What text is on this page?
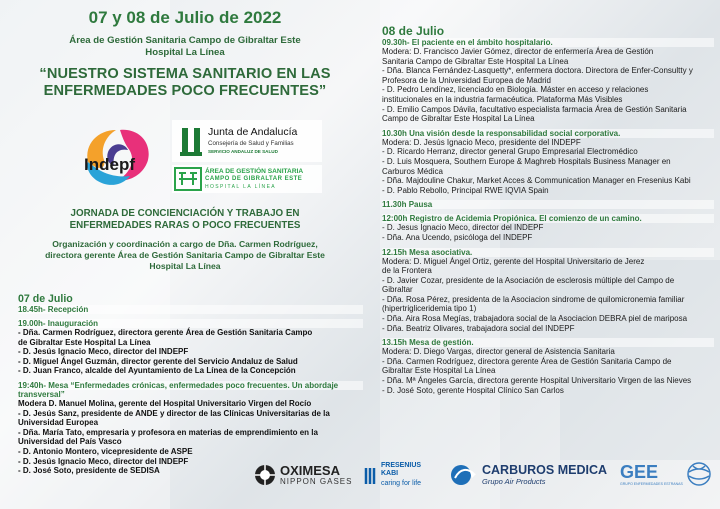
07 y 08 de Julio de 2022
Área de Gestión Sanitaria Campo de Gibraltar Este
Hospital La Línea
“NUESTRO SISTEMA SANITARIO EN LAS
ENFERMEDADES POCO FRECUENTES”
Indepf
Junta de Andalucía
Consejería de Salud y Familias
SERVICIO ANDALUZ DE SALUD
ÁREA DE GESTIÓN SANITARIA
CAMPO DE GIBRALTAR ESTE
HOSPITAL LA LÍNEA
JORNADA DE CONCIENCIACIÓN Y TRABAJO EN
ENFERMEDADES RARAS O POCO FRECUENTES
Organización y coordinación a cargo de Dña. Carmen Rodríguez,
directora gerente Área de Gestión Sanitaria Campo de Gibraltar Este
Hospital La Línea
07 de Julio
18.45h- Recepción
19.00h- Inauguración
- Dña. Carmen Rodríguez, directora gerente Área de Gestión Sanitaria Campo
de Gibraltar Este Hospital La Línea
- D. Jesús Ignacio Meco, director del INDEPF
- D. Miguel Ángel Guzmán, director gerente del Servicio Andaluz de Salud
- D. Juan Franco, alcalde del Ayuntamiento de La Línea de la Concepción
19:40h- Mesa “Enfermedades crónicas, enfermedades poco frecuentes. Un abordaje
transversal”
Modera D. Manuel Molina, gerente del Hospital Universitario Virgen del Rocío
- D. Jesús Sanz, presidente de ANDE y director de las Clínicas Universitarias de la
Universidad Europea
- Dña. María Tato, empresaria y profesora en materias de emprendimiento en la
Universidad del País Vasco
- D. Antonio Montero, vicepresidente de ASPE
- D. Jesús Ignacio Meco, director del INDEPF
- D. José Soto, presidente de SEDISA
08 de Julio
09.30h- El paciente en el ámbito hospitalario.
Modera: D. Francisco Javier Gómez, director de enfermería Área de Gestión
Sanitaria Campo de Gibraltar Este Hospital La Línea
- Dña. Blanca Fernández-Lasquetty*, enfermera doctora. Directora de Enfer-Consultty y
Profesora de la Universidad Europea de Madrid
- D. Pedro Lendínez, licenciado en Biología. Máster en acceso y relaciones
institucionales en la industria farmacéutica. Plataforma Más Visibles
- D. Emilio Campos Dávila, facultativo especialista farmacia Área de Gestión Sanitaria
Campo de Gibraltar Este Hospital La Línea
10.30h Una visión desde la responsabilidad social corporativa.
Modera: D. Jesús Ignacio Meco, presidente del INDEPF
- D. Ricardo Herranz, director general Grupo Empresarial Electromédico
- D. Luis Mosquera, Southern Europe & Maghreb Hospitals Business Manager en
Carburos Médica
- Dña. Majdouline Chakur, Market Acces & Communication Manager en Fresenius Kabi
- D. Pablo Rebollo, Principal RWE IQVIA Spain
11.30h Pausa
12:00h Registro de Acidemia Propiónica. El comienzo de un camino.
- D. Jesus Ignacio Meco, director del INDEPF
- Dña. Ana Ucendo, psicóloga del INDEPF
12.15h Mesa asociativa.
Modera: D. Miguel Ángel Ortiz, gerente del Hospital Universitario de Jerez
de la Frontera
- D. Javier Cozar, presidente de la Asociación de esclerosis múltiple del Campo de
Gibraltar
- Dña. Rosa Pérez, presidenta de la Asociacion sindrome de quilomicronemia familiar
(hipertrigliceridemia tipo 1)
- Dña. Aira Rosa Megías, trabajadora social de la Asociacion DEBRA piel de mariposa
- Dña. Beatriz Olivares, trabajadora social del INDEPF
13.15h Mesa de gestión.
Modera: D. Diego Vargas, director general de Asistencia Sanitaria
- Dña. Carmen Rodríguez, directora gerente Área de Gestión Sanitaria Campo de
Gibraltar Este Hospital La Línea
- Dña. Mª Ángeles García, directora gerente Hospital Universitario Virgen de las Nieves
- D. José Soto, gerente Hospital Clínico San Carlos
OXIMESA
NIPPON GASES
FRESENIUS
KABI
caring for life
CARBUROS MEDICA
Grupo Air Products	GEE
GRUPO ENFERMEDADES ESTRANAS
